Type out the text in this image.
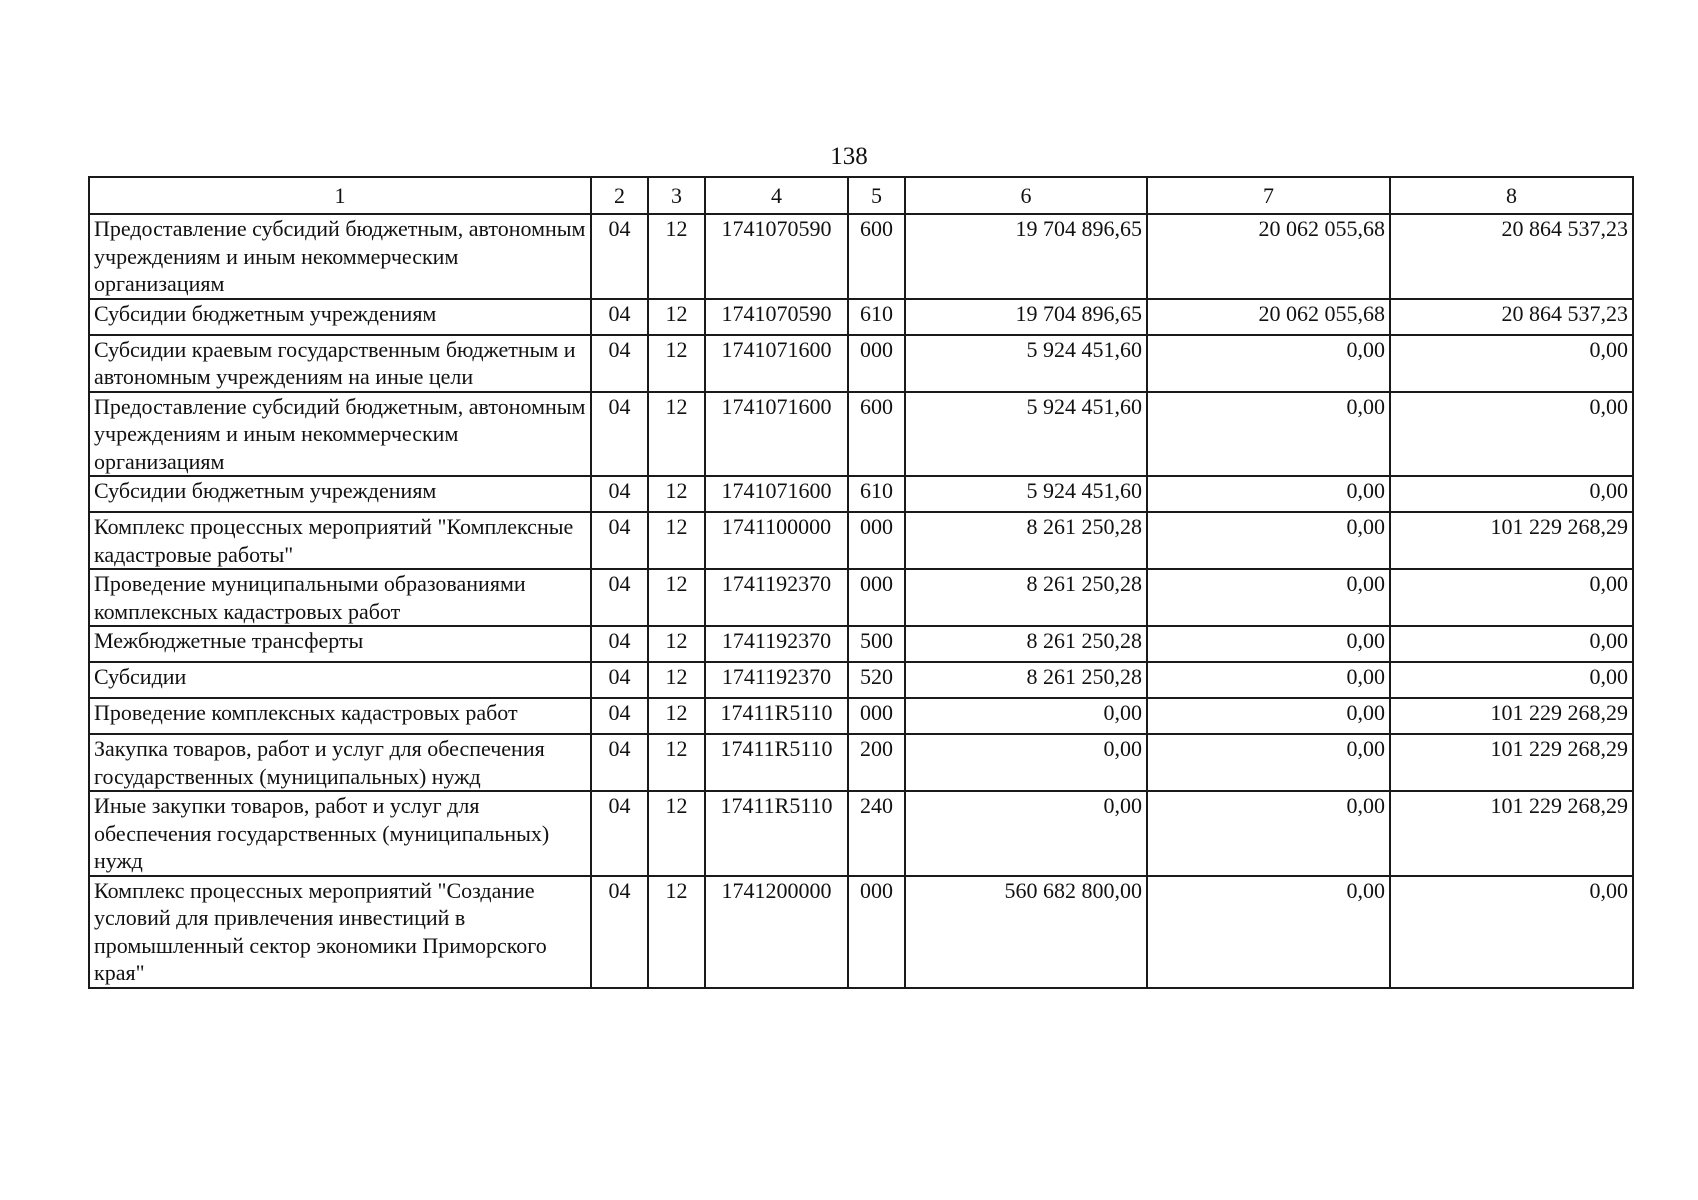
138
1	2	3	4	5	6	7	8
Предоставление субсидий бюджетным, автономным учреждениям и иным некоммерческим организациям	04	12	1741070590	600	19 704 896,65	20 062 055,68	20 864 537,23
Субсидии бюджетным учреждениям	04	12	1741070590	610	19 704 896,65	20 062 055,68	20 864 537,23
Субсидии краевым государственным бюджетным и автономным учреждениям на иные цели	04	12	1741071600	000	5 924 451,60	0,00	0,00
Предоставление субсидий бюджетным, автономным учреждениям и иным некоммерческим организациям	04	12	1741071600	600	5 924 451,60	0,00	0,00
Субсидии бюджетным учреждениям	04	12	1741071600	610	5 924 451,60	0,00	0,00
Комплекс процессных мероприятий "Комплексные кадастровые работы"	04	12	1741100000	000	8 261 250,28	0,00	101 229 268,29
Проведение муниципальными образованиями комплексных кадастровых работ	04	12	1741192370	000	8 261 250,28	0,00	0,00
Межбюджетные трансферты	04	12	1741192370	500	8 261 250,28	0,00	0,00
Субсидии	04	12	1741192370	520	8 261 250,28	0,00	0,00
Проведение комплексных кадастровых работ	04	12	17411R5110	000	0,00	0,00	101 229 268,29
Закупка товаров, работ и услуг для обеспечения государственных (муниципальных) нужд	04	12	17411R5110	200	0,00	0,00	101 229 268,29
Иные закупки товаров, работ и услуг для обеспечения государственных (муниципальных) нужд	04	12	17411R5110	240	0,00	0,00	101 229 268,29
Комплекс процессных мероприятий "Создание условий для привлечения инвестиций в промышленный сектор экономики Приморского края"	04	12	1741200000	000	560 682 800,00	0,00	0,00
